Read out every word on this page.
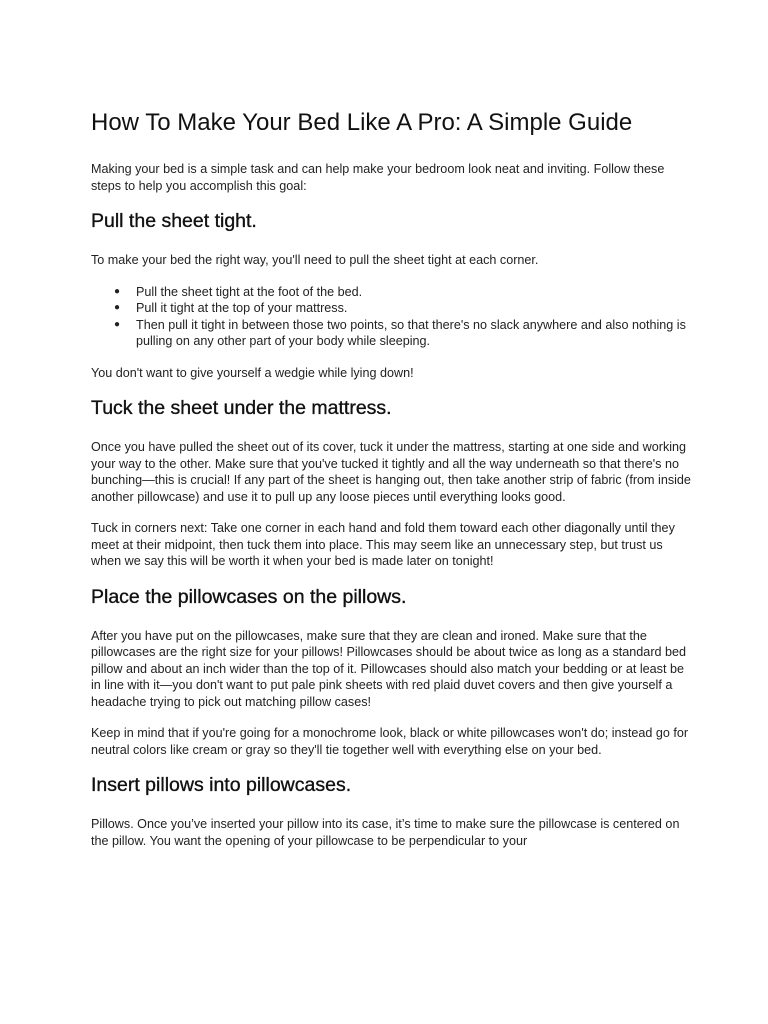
How To Make Your Bed Like A Pro: A Simple Guide

Making your bed is a simple task and can help make your bedroom look neat and inviting. Follow these steps to help you accomplish this goal:

Pull the sheet tight.

To make your bed the right way, you'll need to pull the sheet tight at each corner.

● Pull the sheet tight at the foot of the bed.
● Pull it tight at the top of your mattress.
● Then pull it tight in between those two points, so that there's no slack anywhere and also nothing is pulling on any other part of your body while sleeping.

You don't want to give yourself a wedgie while lying down!

Tuck the sheet under the mattress.

Once you have pulled the sheet out of its cover, tuck it under the mattress, starting at one side and working your way to the other. Make sure that you've tucked it tightly and all the way underneath so that there's no bunching—this is crucial! If any part of the sheet is hanging out, then take another strip of fabric (from inside another pillowcase) and use it to pull up any loose pieces until everything looks good.

Tuck in corners next: Take one corner in each hand and fold them toward each other diagonally until they meet at their midpoint, then tuck them into place. This may seem like an unnecessary step, but trust us when we say this will be worth it when your bed is made later on tonight!

Place the pillowcases on the pillows.

After you have put on the pillowcases, make sure that they are clean and ironed. Make sure that the pillowcases are the right size for your pillows! Pillowcases should be about twice as long as a standard bed pillow and about an inch wider than the top of it. Pillowcases should also match your bedding or at least be in line with it—you don't want to put pale pink sheets with red plaid duvet covers and then give yourself a headache trying to pick out matching pillow cases!

Keep in mind that if you're going for a monochrome look, black or white pillowcases won't do; instead go for neutral colors like cream or gray so they'll tie together well with everything else on your bed.

Insert pillows into pillowcases.

Pillows. Once you’ve inserted your pillow into its case, it’s time to make sure the pillowcase is centered on the pillow. You want the opening of your pillowcase to be perpendicular to your
